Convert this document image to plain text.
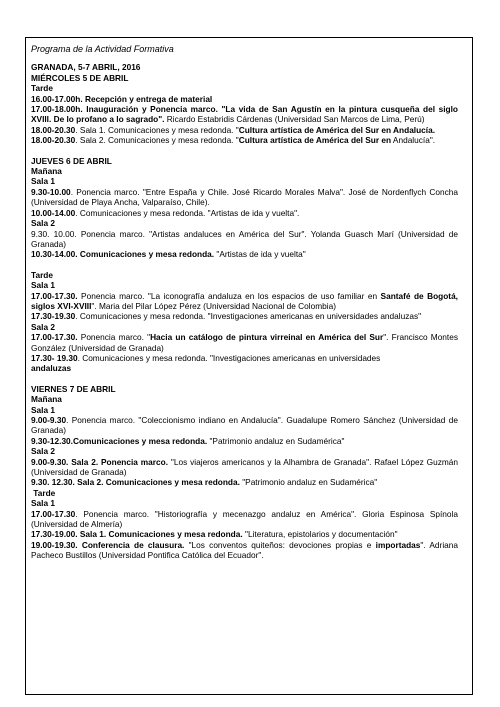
Programa de la Actividad Formativa

GRANADA, 5-7 ABRIL, 2016

MIÉRCOLES 5 DE ABRIL

Tarde

16.00-17.00h. Recepción y entrega de material

17.00-18.00h. Inauguración y Ponencia marco. "La vida de San Agustín en la pintura cusqueña del siglo XVIII. De lo profano a lo sagrado". Ricardo Estabridis Cárdenas (Universidad San Marcos de Lima, Perú)

18.00-20.30. Sala 1. Comunicaciones y mesa redonda. "Cultura artística de América del Sur en Andalucía.

18.00-20.30. Sala 2. Comunicaciones y mesa redonda. "Cultura artística de América del Sur en Andalucía".

JUEVES 6 DE ABRIL

Mañana

Sala 1

9.30-10.00. Ponencia marco. "Entre España y Chile. José Ricardo Morales Malva". José de Nordenflych Concha (Universidad de Playa Ancha, Valparaíso, Chile).

10.00-14.00. Comunicaciones y mesa redonda. "Artistas de ida y vuelta".

Sala 2

9.30. 10.00. Ponencia marco. "Artistas andaluces en América del Sur". Yolanda Guasch Marí (Universidad de Granada)

10.30-14.00. Comunicaciones y mesa redonda. "Artistas de ida y vuelta"

Tarde

Sala 1

17.00-17.30. Ponencia marco. "La iconografía andaluza en los espacios de uso familiar en Santafé de Bogotá, siglos XVI-XVIII". Maria del Pilar López Pérez (Universidad Nacional de Colombia)

17.30-19.30. Comunicaciones y mesa redonda. "Investigaciones americanas en universidades andaluzas"

Sala 2

17.00-17.30. Ponencia marco. "Hacia un catálogo de pintura virreinal en América del Sur". Francisco Montes González (Universidad de Granada)

17.30- 19.30. Comunicaciones y mesa redonda. "Investigaciones americanas en universidades
andaluzas

VIERNES 7 DE ABRIL

Mañana

Sala 1

9.00-9.30. Ponencia marco. "Coleccionismo indiano en Andalucía". Guadalupe Romero Sánchez (Universidad de Granada)

9.30-12.30.Comunicaciones y mesa redonda. "Patrimonio andaluz en Sudamérica"

Sala 2

9.00-9.30. Sala 2. Ponencia marco. "Los viajeros americanos y la Alhambra de Granada". Rafael López Guzmán (Universidad de Granada)

9.30. 12.30. Sala 2. Comunicaciones y mesa redonda. "Patrimonio andaluz en Sudamérica"

Tarde

Sala 1

17.00-17.30. Ponencia marco. "Historiografía y mecenazgo andaluz en América". Gloria Espinosa Spínola (Universidad de Almería)

17.30-19.00. Sala 1. Comunicaciones y mesa redonda. "Literatura, epistolarios y documentación"

19.00-19.30. Conferencia de clausura. "Los conventos quiteños: devociones propias e importadas". Adriana Pacheco Bustillos (Universidad Pontifica Católica del Ecuador".
